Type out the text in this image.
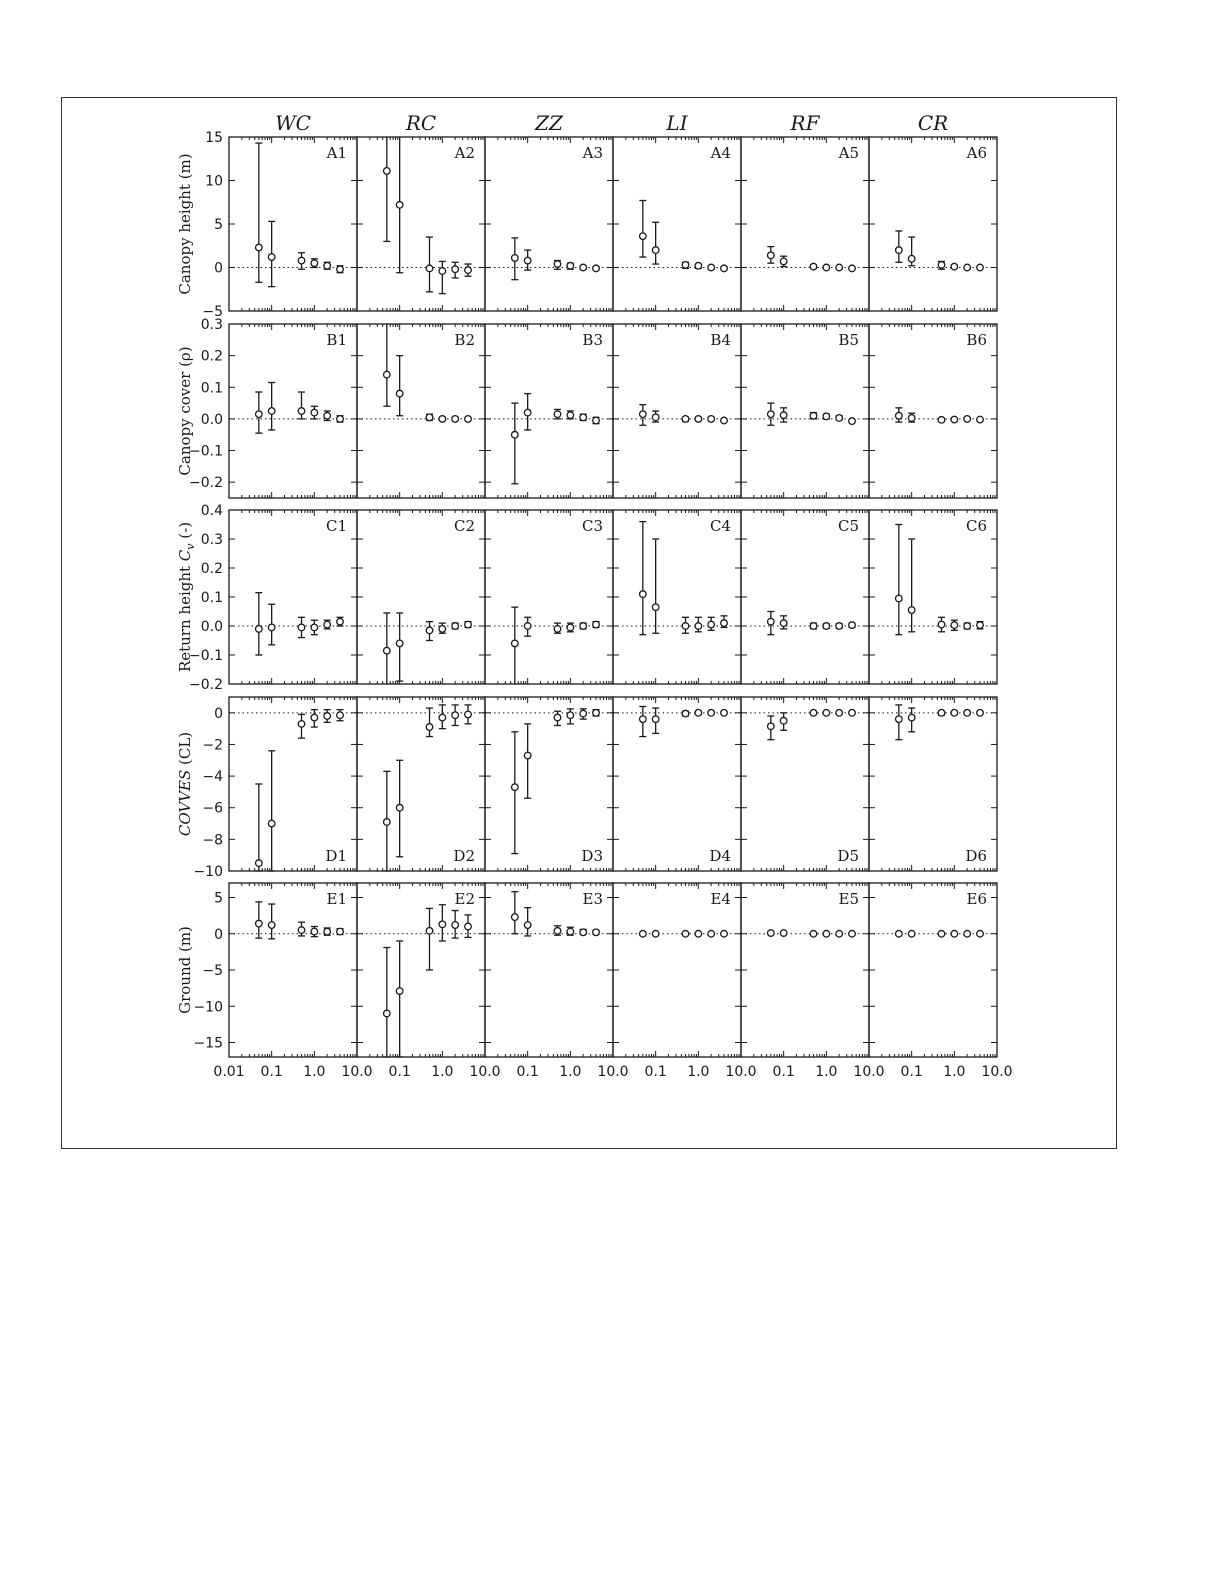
WC	RC	ZZ	LI	RF	CR
Canopy height (m)
−5
0
5
10
15
A1	A2	A3	A4	A5	A6
Canopy cover (ρ)
−0.2
−0.1
0.0
0.1
0.2
0.3
B1	B2	B3	B4	B5	B6
Return height $C_v$ (-)
−0.2
−0.1
0.0
0.1
0.2
0.3
0.4
C1	C2	C3	C4	C5	C6
COVVES (CL)
−10
−8
−6
−4
−2
0
D1	D2	D3	D4	D5	D6
Ground (m)
−15
−10
−5
0
5	E1	E2	E3	E4	E5	E6
0.01 0.1 1.0 10.0 0.1 1.0 10.0 0.1 1.0 10.0 0.1 1.0 10.0 0.1 1.0 10.0 0.1 1.0 10.0
